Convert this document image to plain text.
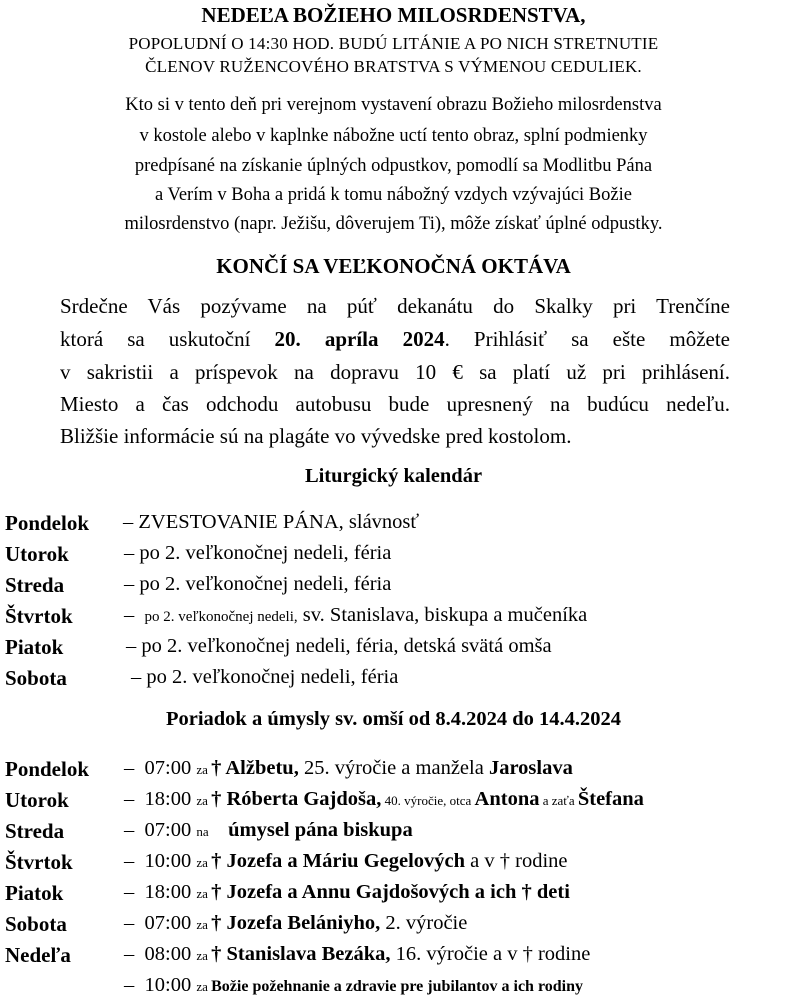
NEDEĽA BOŽIEHO MILOSRDENSTVA,
POPOLUDNÍ O 14:30 HOD. BUDÚ LITÁNIE A PO NICH STRETNUTIE
ČLENOV RUŽENCOVÉHO BRATSTVA S VÝMENOU CEDULIEK.
Kto si v tento deň pri verejnom vystavení obrazu Božieho milosrdenstva
v kostole alebo v kaplnke nábožne uctí tento obraz, splní podmienky
predpísané na získanie úplných odpustkov, pomodlí sa Modlitbu Pána
a Verím v Boha a pridá k tomu nábožný vzdych vzývajúci Božie
milosrdenstvo (napr. Ježišu, dôverujem Ti), môže získať úplné odpustky.
KONČÍ SA VEĽKONOČNÁ OKTÁVA
Srdečne Vás pozývame na púť dekanátu do Skalky pri Trenčíne
ktorá sa uskutoční 20. apríla 2024. Prihlásiť sa ešte môžete
v sakristii a príspevok na dopravu 10 € sa platí už pri prihlásení.
Miesto a čas odchodu autobusu bude upresnený na budúcu nedeľu.
Bližšie informácie sú na plagáte vo vývedske pred kostolom.
Liturgický kalendár
Pondelok – ZVESTOVANIE PÁNA, slávnosť
Utorok	– po 2. veľkonočnej nedeli, féria
Streda	– po 2. veľkonočnej nedeli, féria
Štvrtok	– po 2. veľkonočnej nedeli, sv. Stanislava, biskupa a mučeníka
Piatok	– po 2. veľkonočnej nedeli, féria, detská svätá omša
Sobota	– po 2. veľkonočnej nedeli, féria
Poriadok a úmysly sv. omší od 8.4.2024 do 14.4.2024
Pondelok –  07:00 za † Alžbetu, 25. výročie a manžela Jaroslava
Utorok	–  18:00 za † Róberta Gajdoša, 40. výročie, otca Antona a zaťa Štefana
Streda	–  07:00 na      úmysel pána biskupa
Štvrtok	–  10:00 za † Jozefa a Máriu Gegelových a v † rodine
Piatok	–  18:00 za † Jozefa a Annu Gajdošových a ich † deti
Sobota	–  07:00 za † Jozefa Belániyho, 2. výročie
Nedeľa	–  08:00 za † Stanislava Bezáka, 16. výročie a v † rodine
–  10:00 za Božie požehnanie a zdravie pre jubilantov a ich rodiny
